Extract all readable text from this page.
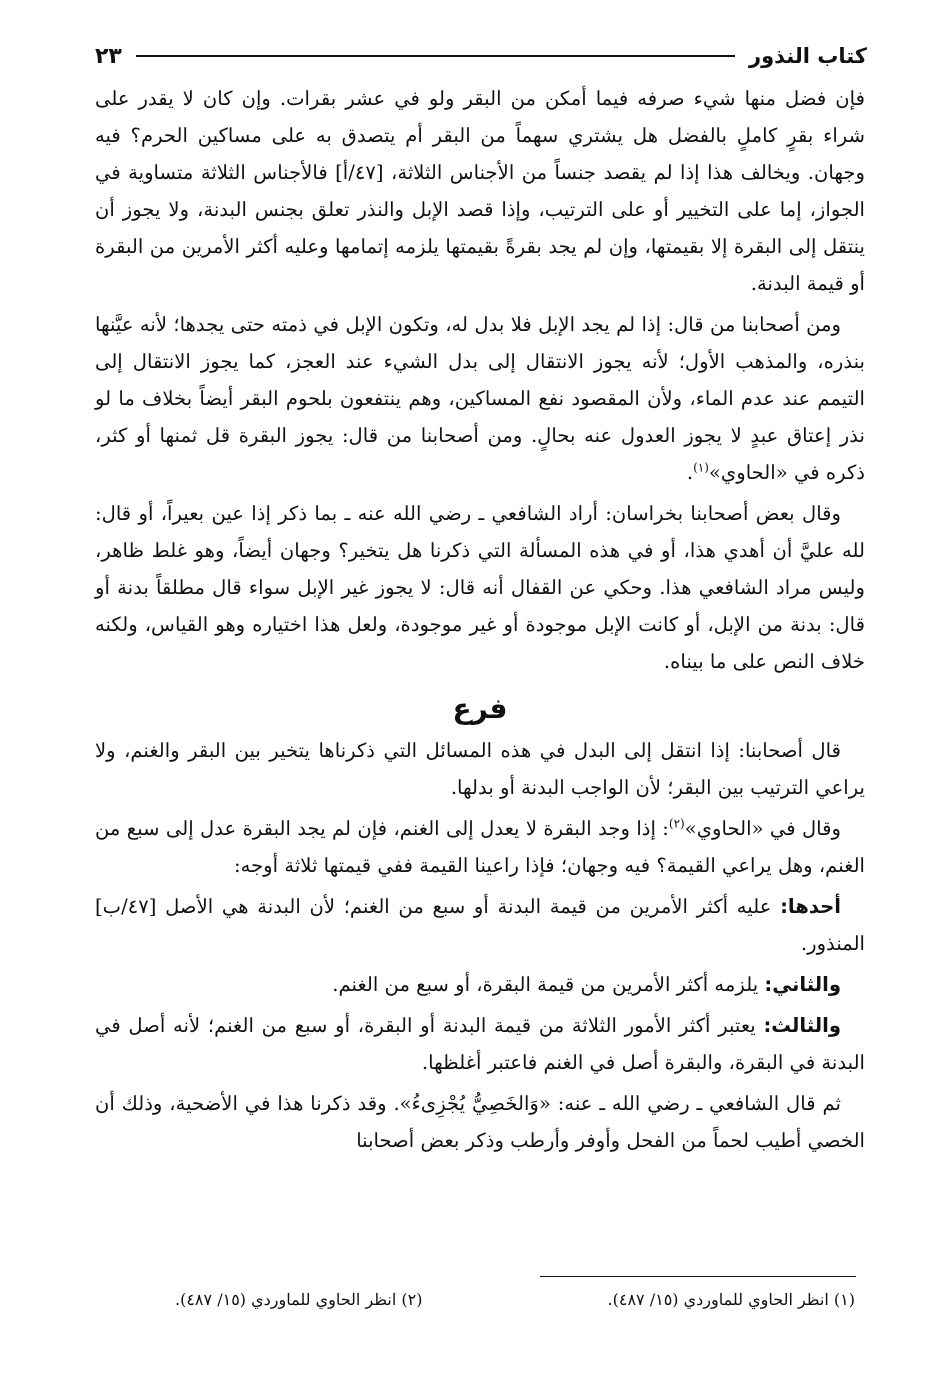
كتاب النذور
٢٣

فإن فضل منها شيء صرفه فيما أمكن من البقر ولو في عشر بقرات. وإن كان لا يقدر على شراء بقرٍ كاملٍ بالفضل هل يشتري سهماً من البقر أم يتصدق به على مساكين الحرم؟ فيه وجهان. ويخالف هذا إذا لم يقصد جنساً من الأجناس الثلاثة، [٤٧/أ] فالأجناس الثلاثة متساوية في الجواز، إما على التخيير أو على الترتيب، وإذا قصد الإبل والنذر تعلق بجنس البدنة، ولا يجوز أن ينتقل إلى البقرة إلا بقيمتها، وإن لم يجد بقرةً بقيمتها يلزمه إتمامها وعليه أكثر الأمرين من البقرة أو قيمة البدنة.

ومن أصحابنا من قال: إذا لم يجد الإبل فلا بدل له، وتكون الإبل في ذمته حتى يجدها؛ لأنه عيَّنها بنذره، والمذهب الأول؛ لأنه يجوز الانتقال إلى بدل الشيء عند العجز، كما يجوز الانتقال إلى التيمم عند عدم الماء، ولأن المقصود نفع المساكين، وهم ينتفعون بلحوم البقر أيضاً بخلاف ما لو نذر إعتاق عبدٍ لا يجوز العدول عنه بحالٍ. ومن أصحابنا من قال: يجوز البقرة قل ثمنها أو كثر، ذكره في «الحاوي»$^{(١)}$.

وقال بعض أصحابنا بخراسان: أراد الشافعي ـ رضي الله عنه ـ بما ذكر إذا عين بعيراً، أو قال: لله عليَّ أن أهدي هذا، أو في هذه المسألة التي ذكرنا هل يتخير؟ وجهان أيضاً، وهو غلط ظاهر، وليس مراد الشافعي هذا. وحكي عن القفال أنه قال: لا يجوز غير الإبل سواء قال مطلقاً بدنة أو قال: بدنة من الإبل، أو كانت الإبل موجودة أو غير موجودة، ولعل هذا اختياره وهو القياس، ولكنه خلاف النص على ما بيناه.

فرع

قال أصحابنا: إذا انتقل إلى البدل في هذه المسائل التي ذكرناها يتخير بين البقر والغنم، ولا يراعي الترتيب بين البقر؛ لأن الواجب البدنة أو بدلها.

وقال في «الحاوي»$^{(٢)}$: إذا وجد البقرة لا يعدل إلى الغنم، فإن لم يجد البقرة عدل إلى سبع من الغنم، وهل يراعي القيمة؟ فيه وجهان؛ فإذا راعينا القيمة ففي قيمتها ثلاثة أوجه:

أحدها: عليه أكثر الأمرين من قيمة البدنة أو سبع من الغنم؛ لأن البدنة هي الأصل [٤٧/ب] المنذور.

والثاني: يلزمه أكثر الأمرين من قيمة البقرة، أو سبع من الغنم.

والثالث: يعتبر أكثر الأمور الثلاثة من قيمة البدنة أو البقرة، أو سبع من الغنم؛ لأنه أصل في البدنة في البقرة، والبقرة أصل في الغنم فاعتبر أغلظها.

ثم قال الشافعي ـ رضي الله ـ عنه: «وَالخَصِيُّ يُجْزِىءُ». وقد ذكرنا هذا في الأضحية، وذلك أن الخصي أطيب لحماً من الفحل وأوفر وأرطب وذكر بعض أصحابنا

(١) انظر الحاوي للماوردي (١٥/ ٤٨٧).
(٢) انظر الحاوي للماوردي (١٥/ ٤٨٧).
